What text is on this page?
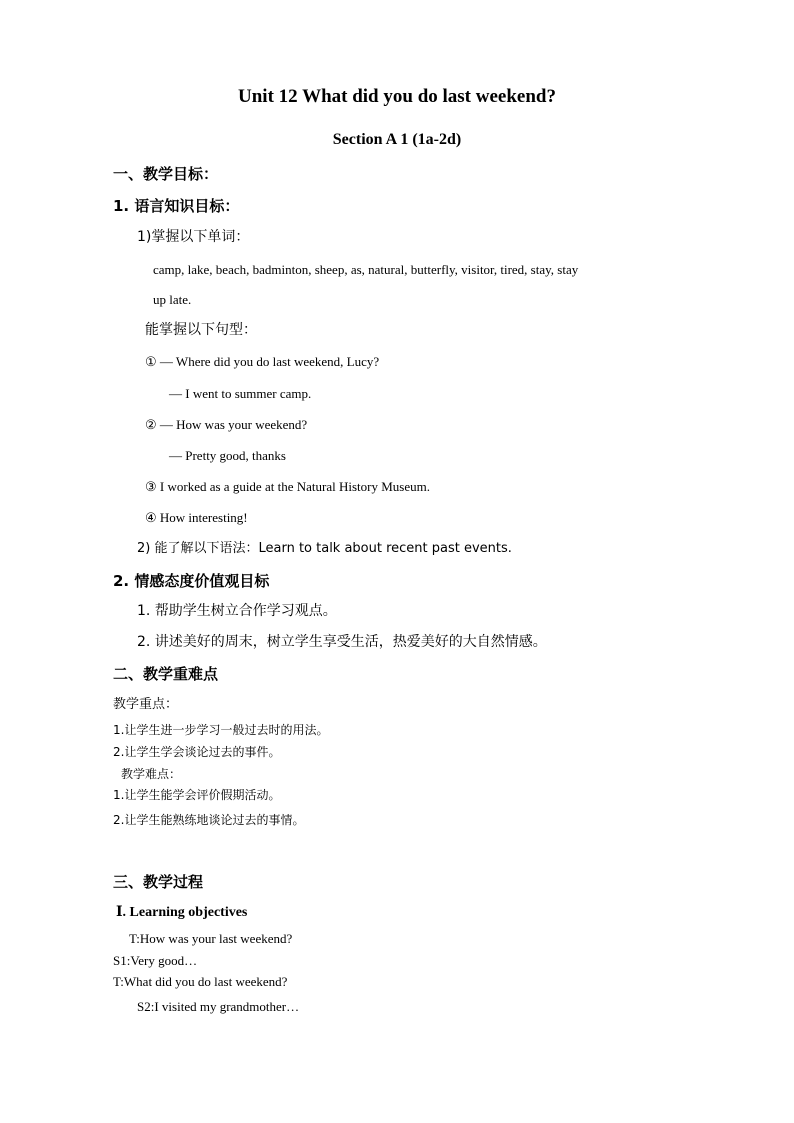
Unit 12 What did you do last weekend?
Section A 1 (1a-2d)
一、教学目标：
1. 语言知识目标：
1)掌握以下单词：
camp, lake, beach, badminton, sheep, as, natural, butterfly, visitor, tired, stay, stay
up late.
能掌握以下句型：
① — Where did you do last weekend, Lucy?
— I went to summer camp.
② — How was your weekend?
— Pretty good, thanks
③ I worked as a guide at the Natural History Museum.
④ How interesting!
2) 能了解以下语法：Learn to talk about recent past events.
2. 情感态度价值观目标
1. 帮助学生树立合作学习观点。
2. 讲述美好的周末，树立学生享受生活，热爱美好的大自然情感。
二、教学重难点
教学重点：
1.让学生进一步学习一般过去时的用法。
2.让学生学会谈论过去的事件。
教学难点：
1.让学生能学会评价假期活动。
2.让学生能熟练地谈论过去的事情。
三、教学过程
Ⅰ. Learning objectives
T:How was your last weekend?
S1:Very good…
T:What did you do last weekend?
S2:I visited my grandmother…
